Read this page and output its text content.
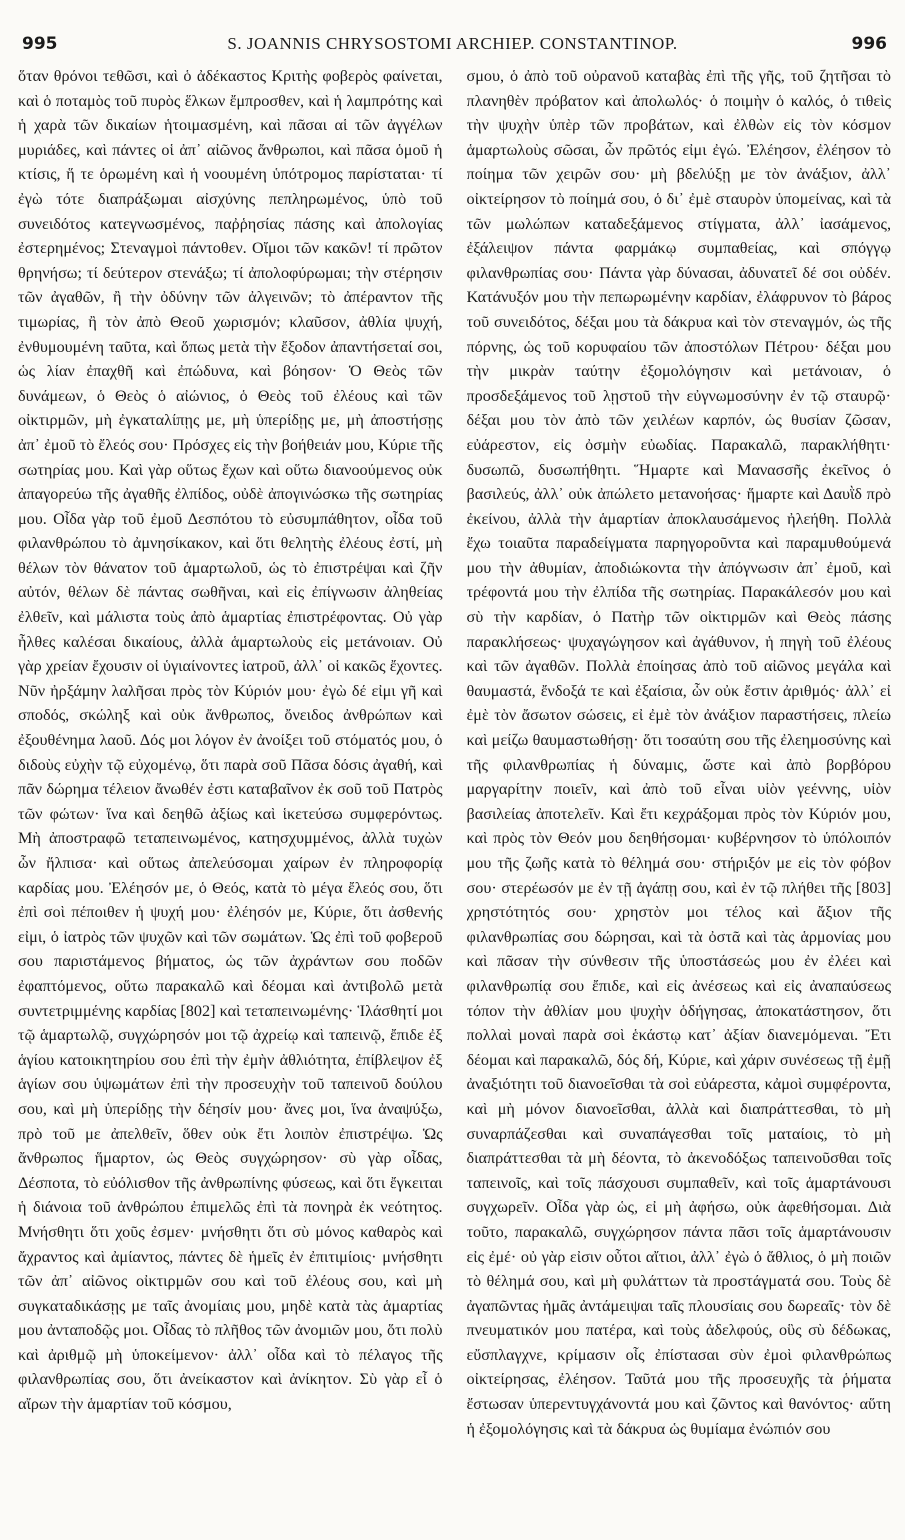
995	S. JOANNIS CHRYSOSTOMI ARCHIEP. CONSTANTINOP.	996

ὅταν θρόνοι τεθῶσι, καὶ ὁ ἀδέκαστος Κριτὴς φοβερὸς φαίνεται, καὶ ὁ ποταμὸς τοῦ πυρὸς ἕλκων ἔμπροσθεν, καὶ ἡ λαμπρότης καὶ ἡ χαρὰ τῶν δικαίων ἡτοιμασμένη, καὶ πᾶσαι αἱ τῶν ἀγγέλων μυριάδες, καὶ πάντες οἱ ἀπ᾽ αἰῶνος ἄνθρωποι, καὶ πᾶσα ὁμοῦ ἡ κτίσις, ἥ τε ὁρωμένη καὶ ἡ νοουμένη ὑπότρομος παρίσταται· τί ἐγὼ τότε διαπράξωμαι αἰσχύνης πεπληρωμένος, ὑπὸ τοῦ συνειδότος κατεγνωσμένος, παῤῥησίας πάσης καὶ ἀπολογίας ἐστερημένος; Στεναγμοὶ πάντοθεν. Οἴμοι τῶν κακῶν! τί πρῶτον θρηνήσω; τί δεύτερον στενάξω; τί ἀπολοφύρωμαι; τὴν στέρησιν τῶν ἀγαθῶν, ἢ τὴν ὀδύνην τῶν ἀλγεινῶν; τὸ ἀπέραντον τῆς τιμωρίας, ἢ τὸν ἀπὸ Θεοῦ χωρισμόν; κλαῦσον, ἀθλία ψυχή, ἐνθυμουμένη ταῦτα, καὶ ὅπως μετὰ τὴν ἔξοδον ἀπαντήσεταί σοι, ὡς λίαν ἐπαχθῆ καὶ ἐπώδυνα, καὶ βόησον· Ὁ Θεὸς τῶν δυνάμεων, ὁ Θεὸς ὁ αἰώνιος, ὁ Θεὸς τοῦ ἐλέους καὶ τῶν οἰκτιρμῶν, μὴ ἐγκαταλίπῃς με, μὴ ὑπερίδῃς με, μὴ ἀποστήσῃς ἀπ᾽ ἐμοῦ τὸ ἔλεός σου· Πρόσχες εἰς τὴν βοήθειάν μου, Κύριε τῆς σωτηρίας μου. Καὶ γὰρ οὕτως ἔχων καὶ οὕτω διανοούμενος οὐκ ἀπαγορεύω τῆς ἀγαθῆς ἐλπίδος, οὐδὲ ἀπογινώσκω τῆς σωτηρίας μου. Οἶδα γὰρ τοῦ ἐμοῦ Δεσπότου τὸ εὐσυμπάθητον, οἶδα τοῦ φιλανθρώπου τὸ ἀμνησίκακον, καὶ ὅτι θελητὴς ἐλέους ἐστί, μὴ θέλων τὸν θάνατον τοῦ ἁμαρτωλοῦ, ὡς τὸ ἐπιστρέψαι καὶ ζῆν αὐτόν, θέλων δὲ πάντας σωθῆναι, καὶ εἰς ἐπίγνωσιν ἀληθείας ἐλθεῖν, καὶ μάλιστα τοὺς ἀπὸ ἁμαρτίας ἐπιστρέφοντας. Οὐ γὰρ ἦλθες καλέσαι δικαίους, ἀλλὰ ἁμαρτωλοὺς εἰς μετάνοιαν. Οὐ γὰρ χρείαν ἔχουσιν οἱ ὑγιαίνοντες ἰατροῦ, ἀλλ᾽ οἱ κακῶς ἔχοντες. Νῦν ἠρξάμην λαλῆσαι πρὸς τὸν Κύριόν μου· ἐγὼ δέ εἰμι γῆ καὶ σποδός, σκώληξ καὶ οὐκ ἄνθρωπος, ὄνειδος ἀνθρώπων καὶ ἐξουθένημα λαοῦ. Δός μοι λόγον ἐν ἀνοίξει τοῦ στόματός μου, ὁ διδοὺς εὐχὴν τῷ εὐχομένῳ, ὅτι παρὰ σοῦ Πᾶσα δόσις ἀγαθή, καὶ πᾶν δώρημα τέλειον ἄνωθέν ἐστι καταβαῖνον ἐκ σοῦ τοῦ Πατρὸς τῶν φώτων· ἵνα καὶ δεηθῶ ἀξίως καὶ ἱκετεύσω συμφερόντως. Μὴ ἀποστραφῶ τεταπεινωμένος, κατησχυμμένος, ἀλλὰ τυχὼν ὧν ἤλπισα· καὶ οὕτως ἀπελεύσομαι χαίρων ἐν πληροφορίᾳ καρδίας μου. Ἐλέησόν με, ὁ Θεός, κατὰ τὸ μέγα ἔλεός σου, ὅτι ἐπὶ σοὶ πέποιθεν ἡ ψυχή μου· ἐλέησόν με, Κύριε, ὅτι ἀσθενής εἰμι, ὁ ἰατρὸς τῶν ψυχῶν καὶ τῶν σωμάτων. Ὡς ἐπὶ τοῦ φοβεροῦ σου παριστάμενος βήματος, ὡς τῶν ἀχράντων σου ποδῶν ἐφαπτόμενος, οὕτω παρακαλῶ καὶ δέομαι καὶ ἀντιβολῶ μετὰ συντετριμμένης καρδίας [802] καὶ τεταπεινωμένης· Ἱλάσθητί μοι τῷ ἁμαρτωλῷ, συγχώρησόν μοι τῷ ἀχρείῳ καὶ ταπεινῷ, ἔπιδε ἐξ ἁγίου κατοικητηρίου σου ἐπὶ τὴν ἐμὴν ἀθλιότητα, ἐπίβλεψον ἐξ ἁγίων σου ὑψωμάτων ἐπὶ τὴν προσευχὴν τοῦ ταπεινοῦ δούλου σου, καὶ μὴ ὑπερίδῃς τὴν δέησίν μου· ἄνες μοι, ἵνα ἀναψύξω, πρὸ τοῦ με ἀπελθεῖν, ὅθεν οὐκ ἔτι λοιπὸν ἐπιστρέψω. Ὡς ἄνθρωπος ἥμαρτον, ὡς Θεὸς συγχώρησον· σὺ γὰρ οἶδας, Δέσποτα, τὸ εὐόλισθον τῆς ἀνθρωπίνης φύσεως, καὶ ὅτι ἔγκειται ἡ διάνοια τοῦ ἀνθρώπου ἐπιμελῶς ἐπὶ τὰ πονηρὰ ἐκ νεότητος. Μνήσθητι ὅτι χοῦς ἐσμεν· μνήσθητι ὅτι σὺ μόνος καθαρὸς καὶ ἄχραντος καὶ ἀμίαντος, πάντες δὲ ἡμεῖς ἐν ἐπιτιμίοις· μνήσθητι τῶν ἀπ᾽ αἰῶνος οἰκτιρμῶν σου καὶ τοῦ ἐλέους σου, καὶ μὴ συγκαταδικάσῃς με ταῖς ἀνομίαις μου, μηδὲ κατὰ τὰς ἁμαρτίας μου ἀνταποδῷς μοι. Οἶδας τὸ πλῆθος τῶν ἀνομιῶν μου, ὅτι πολὺ καὶ ἀριθμῷ μὴ ὑποκείμενον· ἀλλ᾽ οἶδα καὶ τὸ πέλαγος τῆς φιλανθρωπίας σου, ὅτι ἀνείκαστον καὶ ἀνίκητον. Σὺ γὰρ εἶ ὁ αἴρων τὴν ἁμαρτίαν τοῦ κόσμου,

σμου, ὁ ἀπὸ τοῦ οὐρανοῦ καταβὰς ἐπὶ τῆς γῆς, τοῦ ζητῆσαι τὸ πλανηθὲν πρόβατον καὶ ἀπολωλός· ὁ ποιμὴν ὁ καλός, ὁ τιθεὶς τὴν ψυχὴν ὑπὲρ τῶν προβάτων, καὶ ἐλθὼν εἰς τὸν κόσμον ἁμαρτωλοὺς σῶσαι, ὧν πρῶτός εἰμι ἐγώ. Ἐλέησον, ἐλέησον τὸ ποίημα τῶν χειρῶν σου· μὴ βδελύξῃ με τὸν ἀνάξιον, ἀλλ᾽ οἰκτείρησον τὸ ποίημά σου, ὁ δι᾽ ἐμὲ σταυρὸν ὑπομείνας, καὶ τὰ τῶν μωλώπων καταδεξάμενος στίγματα, ἀλλ᾽ ἰασάμενος, ἐξάλειψον πάντα φαρμάκῳ συμπαθείας, καὶ σπόγγῳ φιλανθρωπίας σου· Πάντα γὰρ δύνασαι, ἀδυνατεῖ δέ σοι οὐδέν. Κατάνυξόν μου τὴν πεπωρωμένην καρδίαν, ἐλάφρυνον τὸ βάρος τοῦ συνειδότος, δέξαι μου τὰ δάκρυα καὶ τὸν στεναγμόν, ὡς τῆς πόρνης, ὡς τοῦ κορυφαίου τῶν ἀποστόλων Πέτρου· δέξαι μου τὴν μικρὰν ταύτην ἐξομολόγησιν καὶ μετάνοιαν, ὁ προσδεξάμενος τοῦ λῃστοῦ τὴν εὐγνωμοσύνην ἐν τῷ σταυρῷ· δέξαι μου τὸν ἀπὸ τῶν χειλέων καρπόν, ὡς θυσίαν ζῶσαν, εὐάρεστον, εἰς ὀσμὴν εὐωδίας. Παρακαλῶ, παρακλήθητι· δυσωπῶ, δυσωπήθητι. Ἥμαρτε καὶ Μανασσῆς ἐκεῖνος ὁ βασιλεύς, ἀλλ᾽ οὐκ ἀπώλετο μετανοήσας· ἥμαρτε καὶ Δαυῒδ πρὸ ἐκείνου, ἀλλὰ τὴν ἁμαρτίαν ἀποκλαυσάμενος ἠλεήθη. Πολλὰ ἔχω τοιαῦτα παραδείγματα παρηγοροῦντα καὶ παραμυθούμενά μου τὴν ἀθυμίαν, ἀποδιώκοντα τὴν ἀπόγνωσιν ἀπ᾽ ἐμοῦ, καὶ τρέφοντά μου τὴν ἐλπίδα τῆς σωτηρίας. Παρακάλεσόν μου καὶ σὺ τὴν καρδίαν, ὁ Πατὴρ τῶν οἰκτιρμῶν καὶ Θεὸς πάσης παρακλήσεως· ψυχαγώγησον καὶ ἀγάθυνον, ἡ πηγὴ τοῦ ἐλέους καὶ τῶν ἀγαθῶν. Πολλὰ ἐποίησας ἀπὸ τοῦ αἰῶνος μεγάλα καὶ θαυμαστά, ἔνδοξά τε καὶ ἐξαίσια, ὧν οὐκ ἔστιν ἀριθμός· ἀλλ᾽ εἰ ἐμὲ τὸν ἄσωτον σώσεις, εἰ ἐμὲ τὸν ἀνάξιον παραστήσεις, πλείω καὶ μείζω θαυμαστωθήσῃ· ὅτι τοσαύτη σου τῆς ἐλεημοσύνης καὶ τῆς φιλανθρωπίας ἡ δύναμις, ὥστε καὶ ἀπὸ βορβόρου μαργαρίτην ποιεῖν, καὶ ἀπὸ τοῦ εἶναι υἱὸν γεέννης, υἱὸν βασιλείας ἀποτελεῖν. Καὶ ἔτι κεχράξομαι πρὸς τὸν Κύριόν μου, καὶ πρὸς τὸν Θεόν μου δεηθήσομαι· κυβέρνησον τὸ ὑπόλοιπόν μου τῆς ζωῆς κατὰ τὸ θέλημά σου· στήριξόν με εἰς τὸν φόβον σου· στερέωσόν με ἐν τῇ ἀγάπῃ σου, καὶ ἐν τῷ πλήθει τῆς [803] χρηστότητός σου· χρηστὸν μοι τέλος καὶ ἄξιον τῆς φιλανθρωπίας σου δώρησαι, καὶ τὰ ὀστᾶ καὶ τὰς ἁρμονίας μου καὶ πᾶσαν τὴν σύνθεσιν τῆς ὑποστάσεώς μου ἐν ἐλέει καὶ φιλανθρωπίᾳ σου ἔπιδε, καὶ εἰς ἀνέσεως καὶ εἰς ἀναπαύσεως τόπον τὴν ἀθλίαν μου ψυχὴν ὁδήγησας, ἀποκατάστησον, ὅτι πολλαὶ μοναὶ παρὰ σοὶ ἑκάστῳ κατ᾽ ἀξίαν διανεμόμεναι. Ἔτι δέομαι καὶ παρακαλῶ, δός δή, Κύριε, καὶ χάριν συνέσεως τῇ ἐμῇ ἀναξιότητι τοῦ διανοεῖσθαι τὰ σοὶ εὐάρεστα, κἀμοὶ συμφέροντα, καὶ μὴ μόνον διανοεῖσθαι, ἀλλὰ καὶ διαπράττεσθαι, τὸ μὴ συναρπάζεσθαι καὶ συναπάγεσθαι τοῖς ματαίοις, τὸ μὴ διαπράττεσθαι τὰ μὴ δέοντα, τὸ ἀκενοδόξως ταπεινοῦσθαι τοῖς ταπεινοῖς, καὶ τοῖς πάσχουσι συμπαθεῖν, καὶ τοῖς ἁμαρτάνουσι συγχωρεῖν. Οἶδα γὰρ ὡς, εἰ μὴ ἀφήσω, οὐκ ἀφεθήσομαι. Διὰ τοῦτο, παρακαλῶ, συγχώρησον πάντα πᾶσι τοῖς ἁμαρτάνουσιν εἰς ἐμέ· οὐ γὰρ εἰσιν οὗτοι αἴτιοι, ἀλλ᾽ ἐγὼ ὁ ἄθλιος, ὁ μὴ ποιῶν τὸ θέλημά σου, καὶ μὴ φυλάττων τὰ προστάγματά σου. Τοὺς δὲ ἀγαπῶντας ἡμᾶς ἀντάμειψαι ταῖς πλουσίαις σου δωρεαῖς· τὸν δὲ πνευματικόν μου πατέρα, καὶ τοὺς ἀδελφούς, οὓς σὺ δέδωκας, εὔσπλαγχνε, κρίμασιν οἷς ἐπίστασαι σὺν ἐμοὶ φιλανθρώπως οἰκτείρησας, ἐλέησον. Ταῦτά μου τῆς προσευχῆς τὰ ῥήματα ἔστωσαν ὑπερεντυγχάνοντά μου καὶ ζῶντος καὶ θανόντος· αὕτη ἡ ἐξομολόγησις καὶ τὰ δάκρυα ὡς θυμίαμα ἐνώπιόν σου
